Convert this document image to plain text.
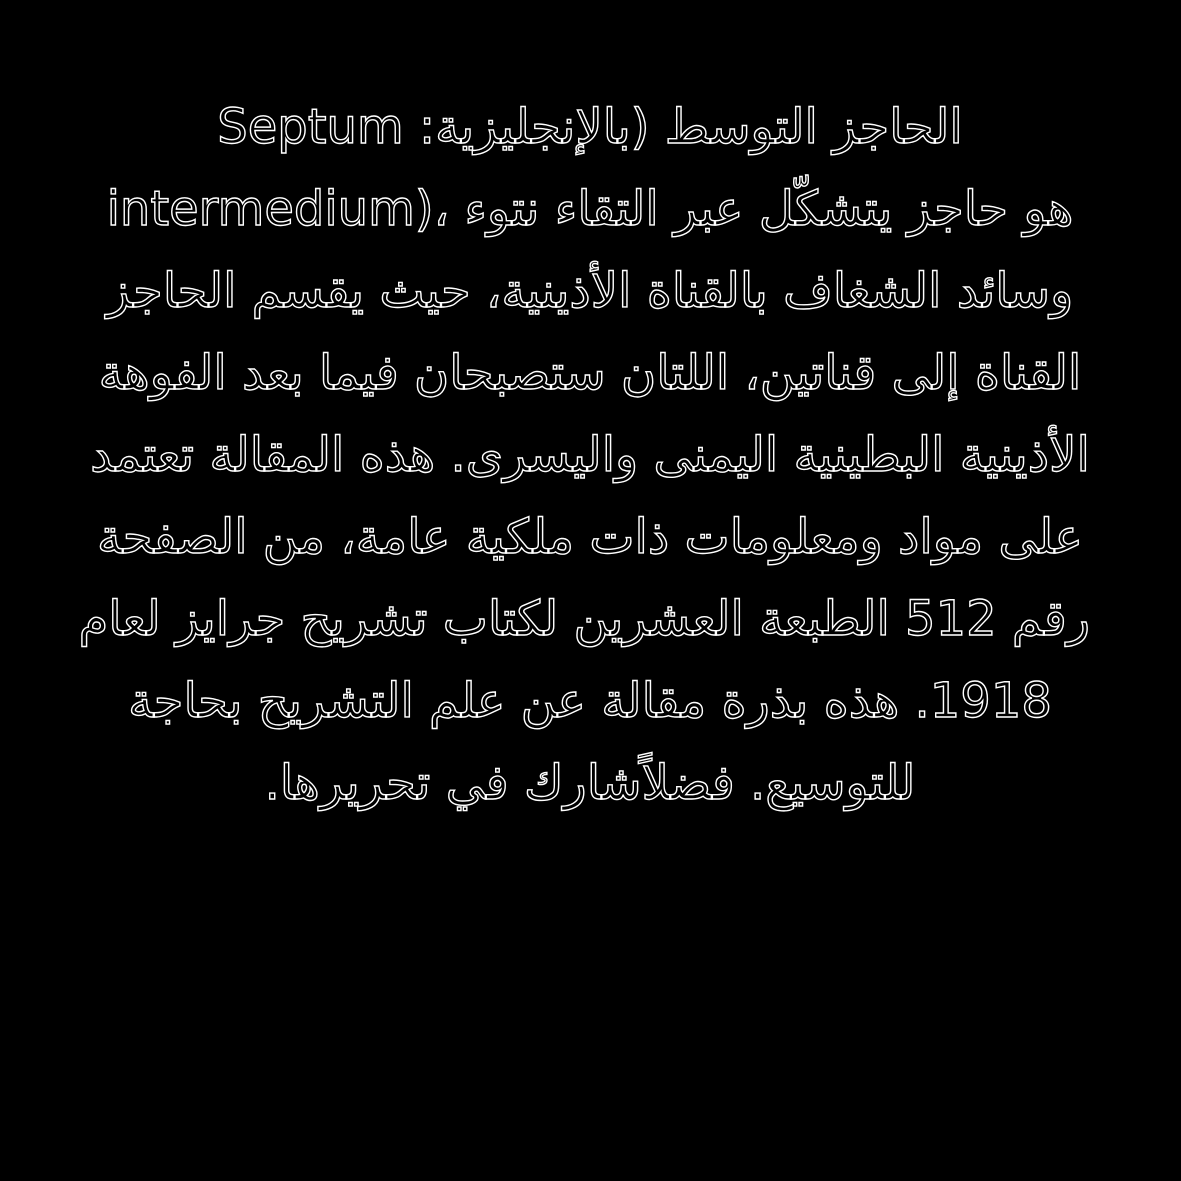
الحاجز التوسط (بالإنجليزية: Septum
intermedium)، هو حاجز يتشكّل عبر التقاء نتوء
وسائد الشغاف بالقناة الأذينية، حيث يقسم الحاجز
القناة إلى قناتين، اللتان ستصبحان فيما بعد الفوهة
الأذينية البطينية اليمنى واليسرى. هذه المقالة تعتمد
على مواد ومعلومات ذات ملكية عامة، من الصفحة
رقم 512 الطبعة العشرين لكتاب تشريح جرايز لعام
1918. هذه بذرة مقالة عن علم التشريح بحاجة
للتوسيع. فضلاًشارك في تحريرها.
